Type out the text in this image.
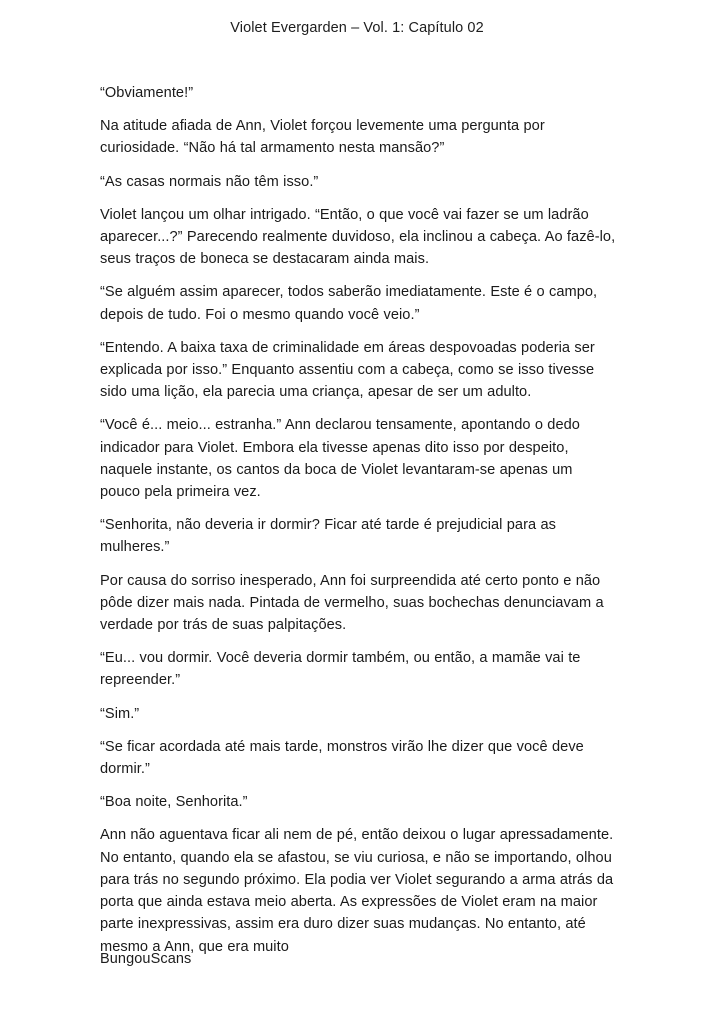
Violet Evergarden – Vol. 1: Capítulo 02

“Obviamente!”

Na atitude afiada de Ann, Violet forçou levemente uma pergunta por curiosidade. “Não há tal armamento nesta mansão?”

“As casas normais não têm isso.”

Violet lançou um olhar intrigado. “Então, o que você vai fazer se um ladrão aparecer...?” Parecendo realmente duvidoso, ela inclinou a cabeça. Ao fazê-lo, seus traços de boneca se destacaram ainda mais.

“Se alguém assim aparecer, todos saberão imediatamente. Este é o campo, depois de tudo. Foi o mesmo quando você veio.”

“Entendo. A baixa taxa de criminalidade em áreas despovoadas poderia ser explicada por isso.” Enquanto assentiu com a cabeça, como se isso tivesse sido uma lição, ela parecia uma criança, apesar de ser um adulto.

“Você é... meio... estranha.” Ann declarou tensamente, apontando o dedo indicador para Violet. Embora ela tivesse apenas dito isso por despeito, naquele instante, os cantos da boca de Violet levantaram-se apenas um pouco pela primeira vez.

“Senhorita, não deveria ir dormir? Ficar até tarde é prejudicial para as mulheres.”

Por causa do sorriso inesperado, Ann foi surpreendida até certo ponto e não pôde dizer mais nada. Pintada de vermelho, suas bochechas denunciavam a verdade por trás de suas palpitações.

“Eu... vou dormir. Você deveria dormir também, ou então, a mamãe vai te repreender.”

“Sim.”

“Se ficar acordada até mais tarde, monstros virão lhe dizer que você deve dormir.”

“Boa noite, Senhorita.”

Ann não aguentava ficar ali nem de pé, então deixou o lugar apressadamente. No entanto, quando ela se afastou, se viu curiosa, e não se importando, olhou para trás no segundo próximo. Ela podia ver Violet segurando a arma atrás da porta que ainda estava meio aberta. As expressões de Violet eram na maior parte inexpressivas, assim era duro dizer suas mudanças. No entanto, até mesmo a Ann, que era muito

BungouScans
